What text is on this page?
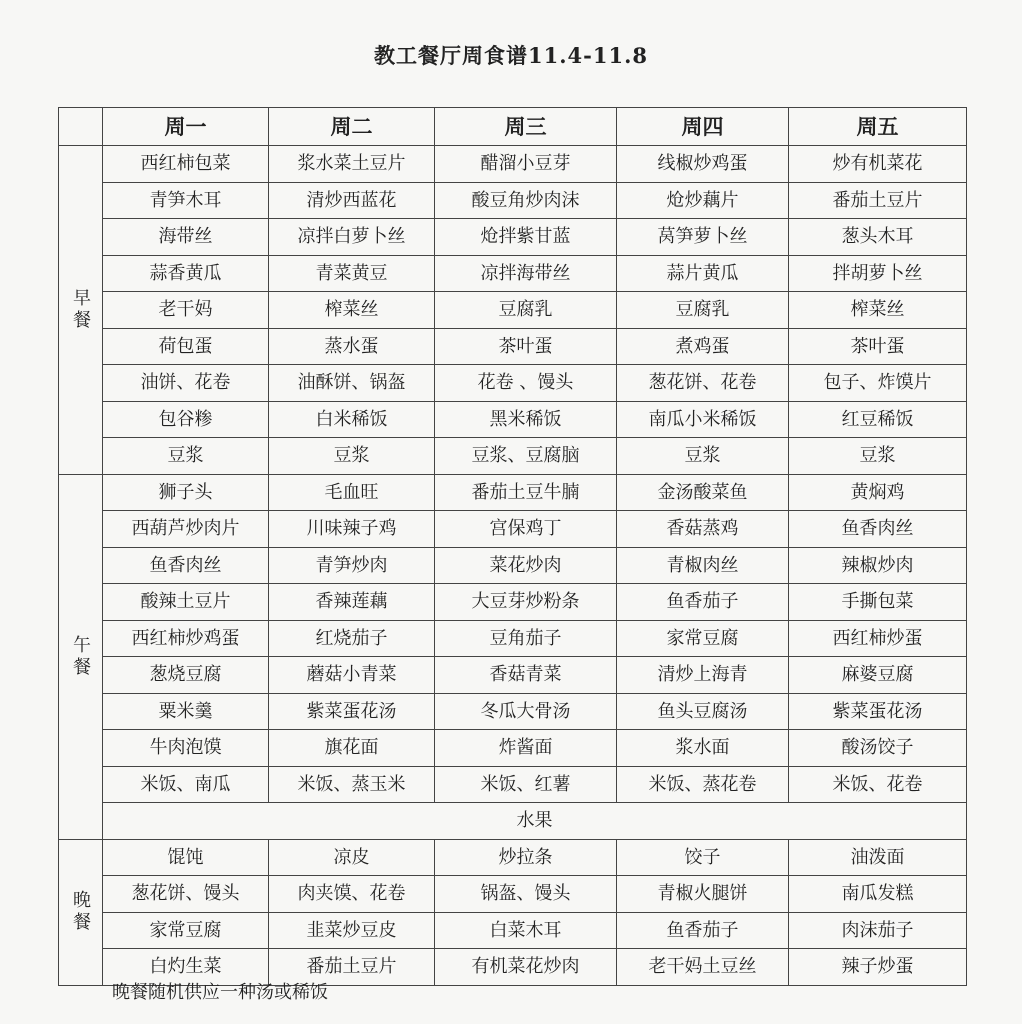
教工餐厅周食谱11.4-11.8
	周一	周二	周三	周四	周五
早餐	西红柿包菜	浆水菜土豆片	醋溜小豆芽	线椒炒鸡蛋	炒有机菜花
	青笋木耳	清炒西蓝花	酸豆角炒肉沫	炝炒藕片	番茄土豆片
	海带丝	凉拌白萝卜丝	炝拌紫甘蓝	莴笋萝卜丝	葱头木耳
	蒜香黄瓜	青菜黄豆	凉拌海带丝	蒜片黄瓜	拌胡萝卜丝
	老干妈	榨菜丝	豆腐乳	豆腐乳	榨菜丝
	荷包蛋	蒸水蛋	茶叶蛋	煮鸡蛋	茶叶蛋
	油饼、花卷	油酥饼、锅盔	花卷 、馒头	葱花饼、花卷	包子、炸馍片
	包谷糁	白米稀饭	黑米稀饭	南瓜小米稀饭	红豆稀饭
	豆浆	豆浆	豆浆、豆腐脑	豆浆	豆浆
午餐	狮子头	毛血旺	番茄土豆牛腩	金汤酸菜鱼	黄焖鸡
	西葫芦炒肉片	川味辣子鸡	宫保鸡丁	香菇蒸鸡	鱼香肉丝
	鱼香肉丝	青笋炒肉	菜花炒肉	青椒肉丝	辣椒炒肉
	酸辣土豆片	香辣莲藕	大豆芽炒粉条	鱼香茄子	手撕包菜
	西红柿炒鸡蛋	红烧茄子	豆角茄子	家常豆腐	西红柿炒蛋
	葱烧豆腐	蘑菇小青菜	香菇青菜	清炒上海青	麻婆豆腐
	粟米羹	紫菜蛋花汤	冬瓜大骨汤	鱼头豆腐汤	紫菜蛋花汤
	牛肉泡馍	旗花面	炸酱面	浆水面	酸汤饺子
	米饭、南瓜	米饭、蒸玉米	米饭、红薯	米饭、蒸花卷	米饭、花卷
	水果				
晚餐	馄饨	凉皮	炒拉条	饺子	油泼面
	葱花饼、馒头	肉夹馍、花卷	锅盔、馒头	青椒火腿饼	南瓜发糕
	家常豆腐	韭菜炒豆皮	白菜木耳	鱼香茄子	肉沫茄子
	白灼生菜	番茄土豆片	有机菜花炒肉	老干妈土豆丝	辣子炒蛋
晚餐随机供应一种汤或稀饭
